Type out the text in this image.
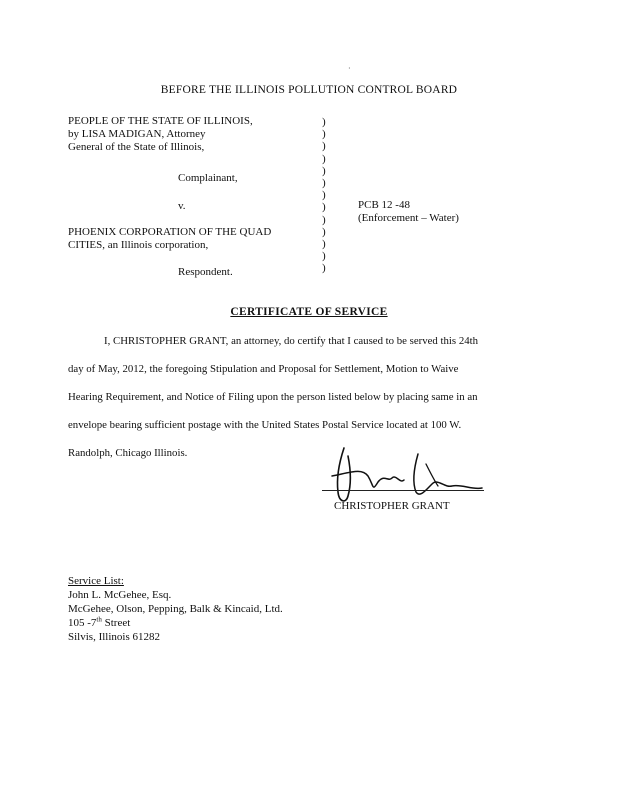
·
BEFORE THE ILLINOIS POLLUTION CONTROL BOARD
PEOPLE OF THE STATE OF ILLINOIS,
by LISA MADIGAN, Attorney
General of the State of Illinois,
Complainant,
v.
PHOENIX CORPORATION OF THE QUAD
CITIES, an Illinois corporation,
Respondent.
)
)
)
)
)
)
)
)
)
)
)
)
)
PCB 12 -48
(Enforcement – Water)
CERTIFICATE OF SERVICE
I, CHRISTOPHER GRANT, an attorney, do certify that I caused to be served this 24th
day of May, 2012, the foregoing Stipulation and Proposal for Settlement, Motion to Waive
Hearing Requirement, and Notice of Filing upon the person listed below by placing same in an
envelope bearing sufficient postage with the United States Postal Service located at 100 W.
Randolph, Chicago Illinois.
CHRISTOPHER GRANT
Service List:
John L. McGehee, Esq.
McGehee, Olson, Pepping, Balk & Kincaid, Ltd.
105 -7th Street
Silvis, Illinois 61282
